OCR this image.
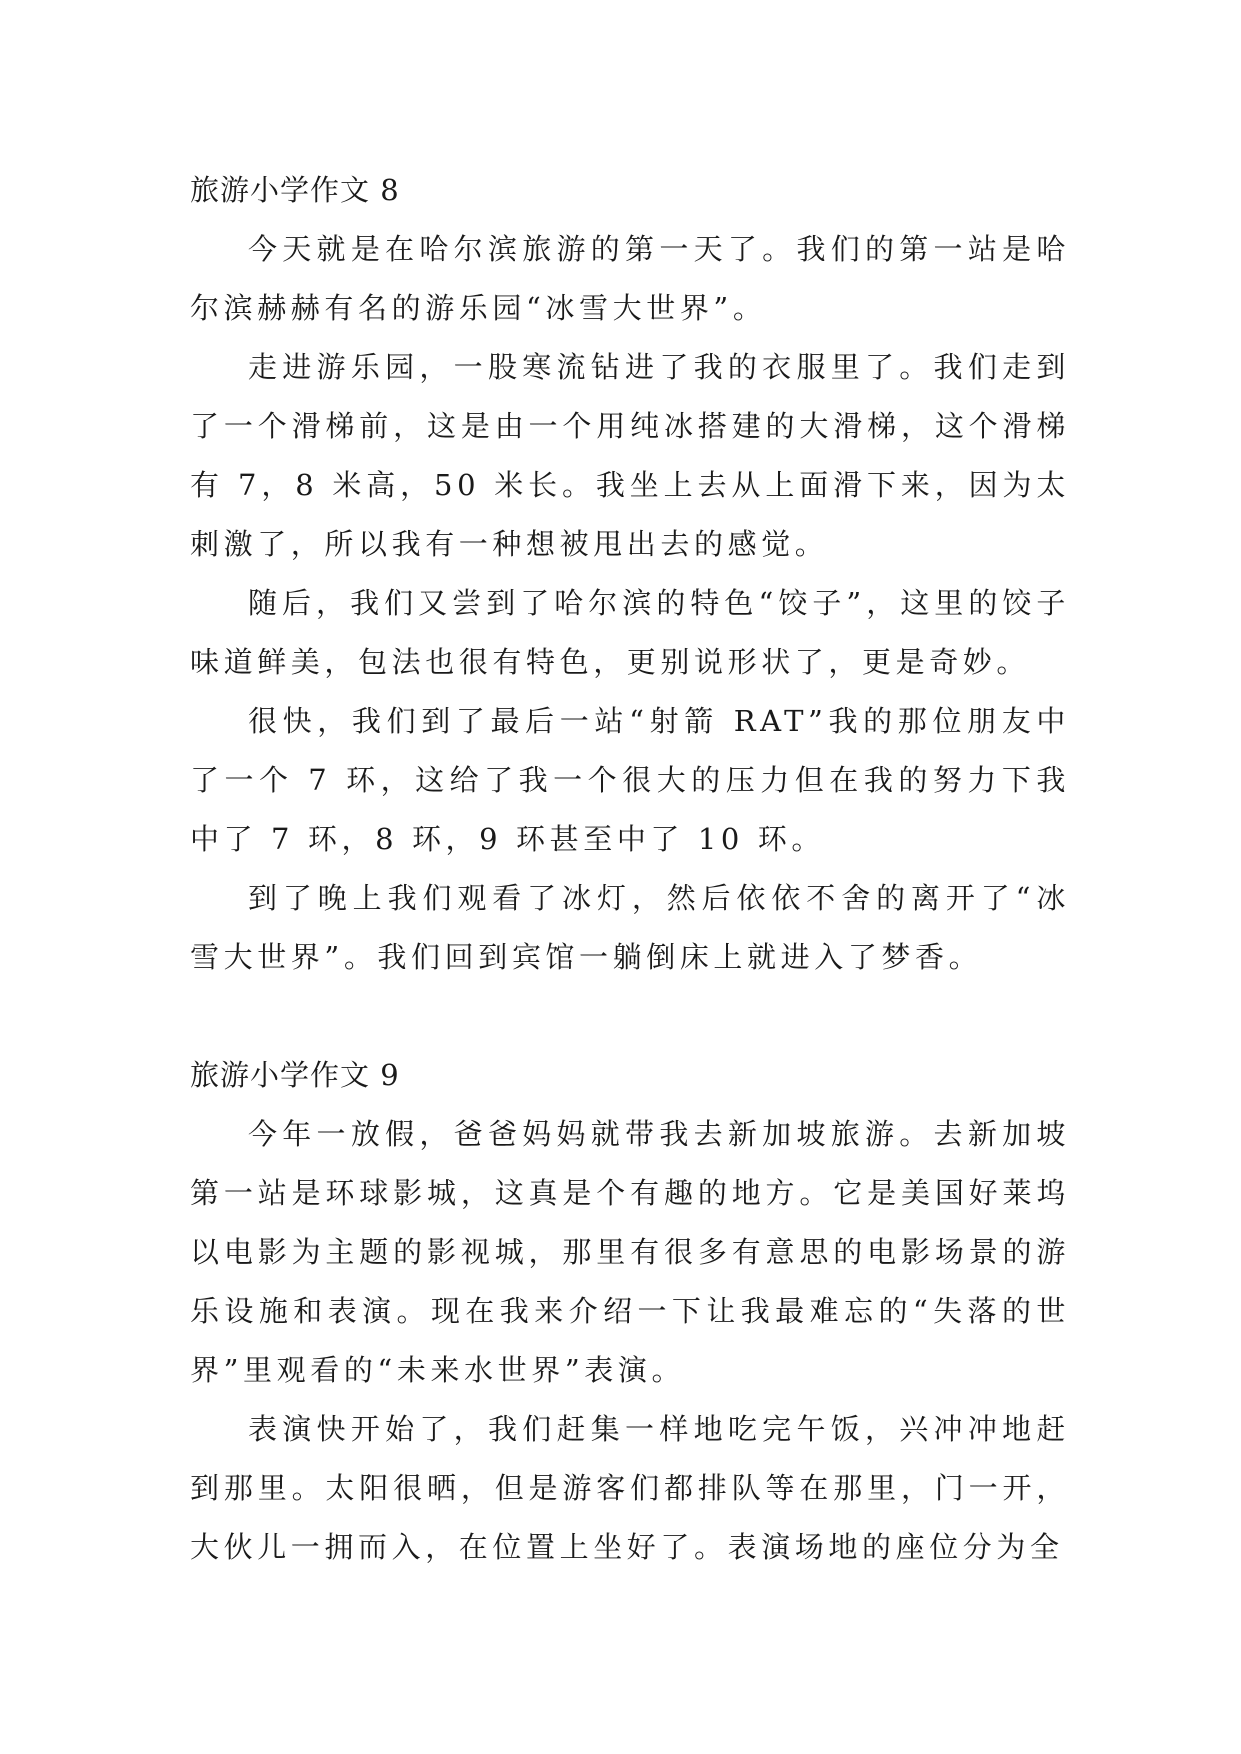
旅游小学作文 8

今天就是在哈尔滨旅游的第一天了。我们的第一站是哈尔滨赫赫有名的游乐园“冰雪大世界”。

走进游乐园，一股寒流钻进了我的衣服里了。我们走到了一个滑梯前，这是由一个用纯冰搭建的大滑梯，这个滑梯有 7，8 米高，50 米长。我坐上去从上面滑下来，因为太刺激了，所以我有一种想被甩出去的感觉。

随后，我们又尝到了哈尔滨的特色“饺子”，这里的饺子味道鲜美，包法也很有特色，更别说形状了，更是奇妙。

很快，我们到了最后一站“射箭 RAT”我的那位朋友中了一个 7 环，这给了我一个很大的压力但在我的努力下我中了 7 环，8 环，9 环甚至中了 10 环。

到了晚上我们观看了冰灯，然后依依不舍的离开了“冰雪大世界”。我们回到宾馆一躺倒床上就进入了梦香。

旅游小学作文 9

今年一放假，爸爸妈妈就带我去新加坡旅游。去新加坡第一站是环球影城，这真是个有趣的地方。它是美国好莱坞以电影为主题的影视城，那里有很多有意思的电影场景的游乐设施和表演。现在我来介绍一下让我最难忘的“失落的世界”里观看的“未来水世界”表演。

表演快开始了，我们赶集一样地吃完午饭，兴冲冲地赶到那里。太阳很晒，但是游客们都排队等在那里，门一开，大伙儿一拥而入，在位置上坐好了。表演场地的座位分为全
